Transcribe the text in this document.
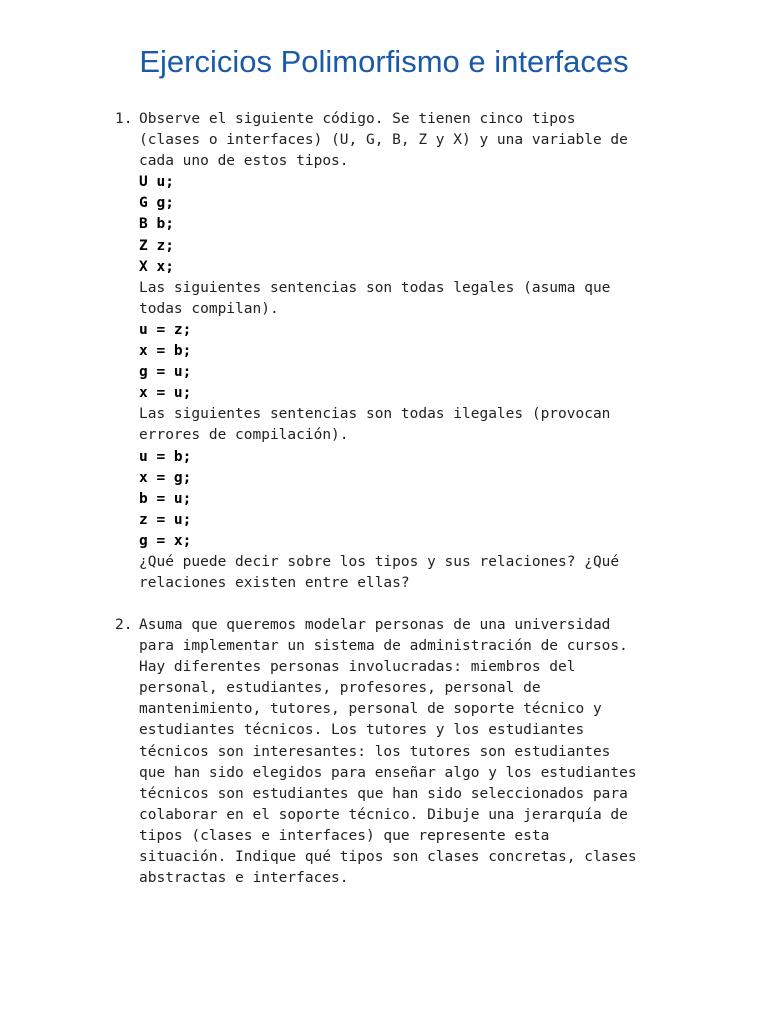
Ejercicios Polimorfismo e interfaces
1. Observe el siguiente código. Se tienen cinco tipos
(clases o interfaces) (U, G, B, Z y X) y una variable de
cada uno de estos tipos.
U u;
G g;
B b;
Z z;
X x;
Las siguientes sentencias son todas legales (asuma que
todas compilan).
u = z;
x = b;
g = u;
x = u;
Las siguientes sentencias son todas ilegales (provocan
errores de compilación).
u = b;
x = g;
b = u;
z = u;
g = x;
¿Qué puede decir sobre los tipos y sus relaciones? ¿Qué
relaciones existen entre ellas?
2. Asuma que queremos modelar personas de una universidad
para implementar un sistema de administración de cursos.
Hay diferentes personas involucradas: miembros del
personal, estudiantes, profesores, personal de
mantenimiento, tutores, personal de soporte técnico y
estudiantes técnicos. Los tutores y los estudiantes
técnicos son interesantes: los tutores son estudiantes
que han sido elegidos para enseñar algo y los estudiantes
técnicos son estudiantes que han sido seleccionados para
colaborar en el soporte técnico. Dibuje una jerarquía de
tipos (clases e interfaces) que represente esta
situación. Indique qué tipos son clases concretas, clases
abstractas e interfaces.
